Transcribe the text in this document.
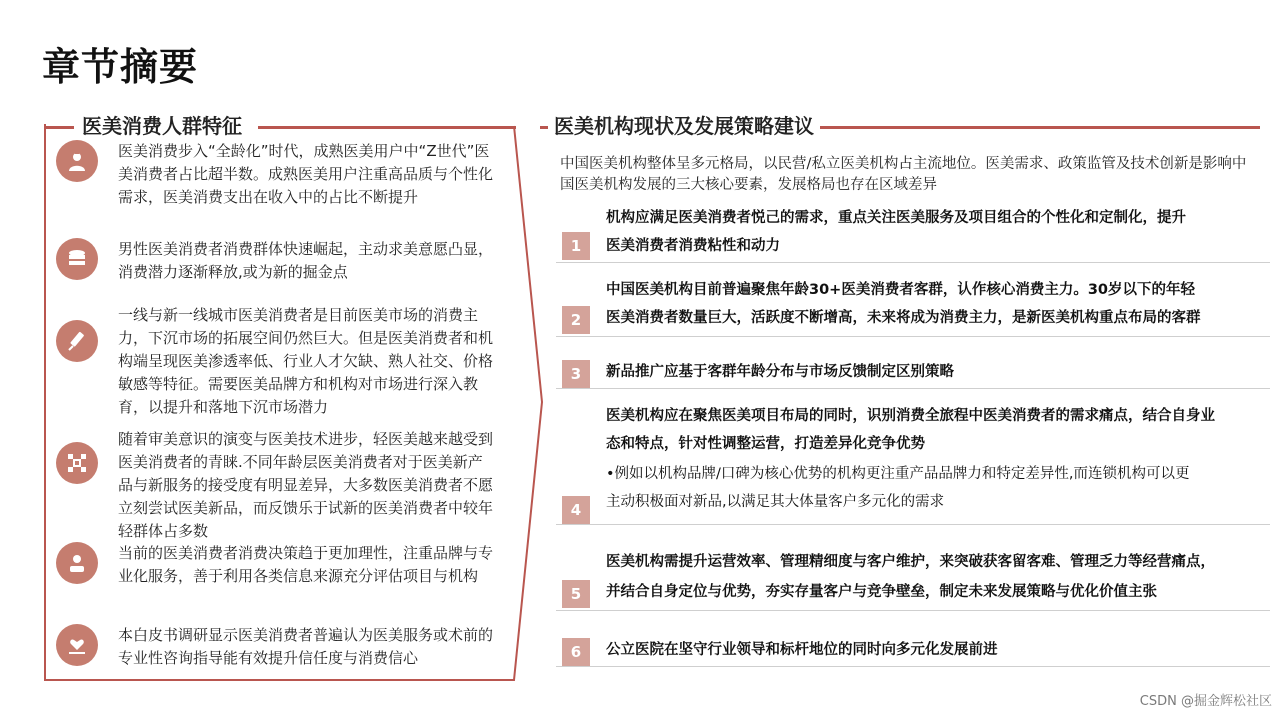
章节摘要
医美消费人群特征
医美消费步入“全龄化”时代，成熟医美用户中“Z世代”医美消费者占比超半数。成熟医美用户注重高品质与个性化需求，医美消费支出在收入中的占比不断提升
男性医美消费者消费群体快速崛起，主动求美意愿凸显，消费潜力逐渐释放,或为新的掘金点
一线与新一线城市医美消费者是目前医美市场的消费主力，下沉市场的拓展空间仍然巨大。但是医美消费者和机构端呈现医美渗透率低、行业人才欠缺、熟人社交、价格敏感等特征。需要医美品牌方和机构对市场进行深入教育，以提升和落地下沉市场潜力
随着审美意识的演变与医美技术进步，轻医美越来越受到医美消费者的青睐.不同年龄层医美消费者对于医美新产品与新服务的接受度有明显差异，大多数医美消费者不愿立刻尝试医美新品，而反馈乐于试新的医美消费者中较年轻群体占多数
当前的医美消费者消费决策趋于更加理性，注重品牌与专业化服务，善于利用各类信息来源充分评估项目与机构
本白皮书调研显示医美消费者普遍认为医美服务或术前的专业性咨询指导能有效提升信任度与消费信心
医美机构现状及发展策略建议
中国医美机构整体呈多元格局，以民营/私立医美机构占主流地位。医美需求、政策监管及技术创新是影响中国医美机构发展的三大核心要素，发展格局也存在区域差异
1
机构应满足医美消费者悦己的需求，重点关注医美服务及项目组合的个性化和定制化，提升
医美消费者消费粘性和动力
2
中国医美机构目前普遍聚焦年龄30+医美消费者客群，认作核心消费主力。30岁以下的年轻
医美消费者数量巨大，活跃度不断增高，未来将成为消费主力，是新医美机构重点布局的客群
3	新品推广应基于客群年龄分布与市场反馈制定区别策略
4
医美机构应在聚焦医美项目布局的同时，识别消费全旅程中医美消费者的需求痛点，结合自身业
态和特点，针对性调整运营，打造差异化竞争优势
•例如以机构品牌/口碑为核心优势的机构更注重产品品牌力和特定差异性,而连锁机构可以更
主动积极面对新品,以满足其大体量客户多元化的需求
5
医美机构需提升运营效率、管理精细度与客户维护，来突破获客留客难、管理乏力等经营痛点，
并结合自身定位与优势，夯实存量客户与竞争壁垒，制定未来发展策略与优化价值主张
6	公立医院在坚守行业领导和标杆地位的同时向多元化发展前进
CSDN @掘金辉松社区
